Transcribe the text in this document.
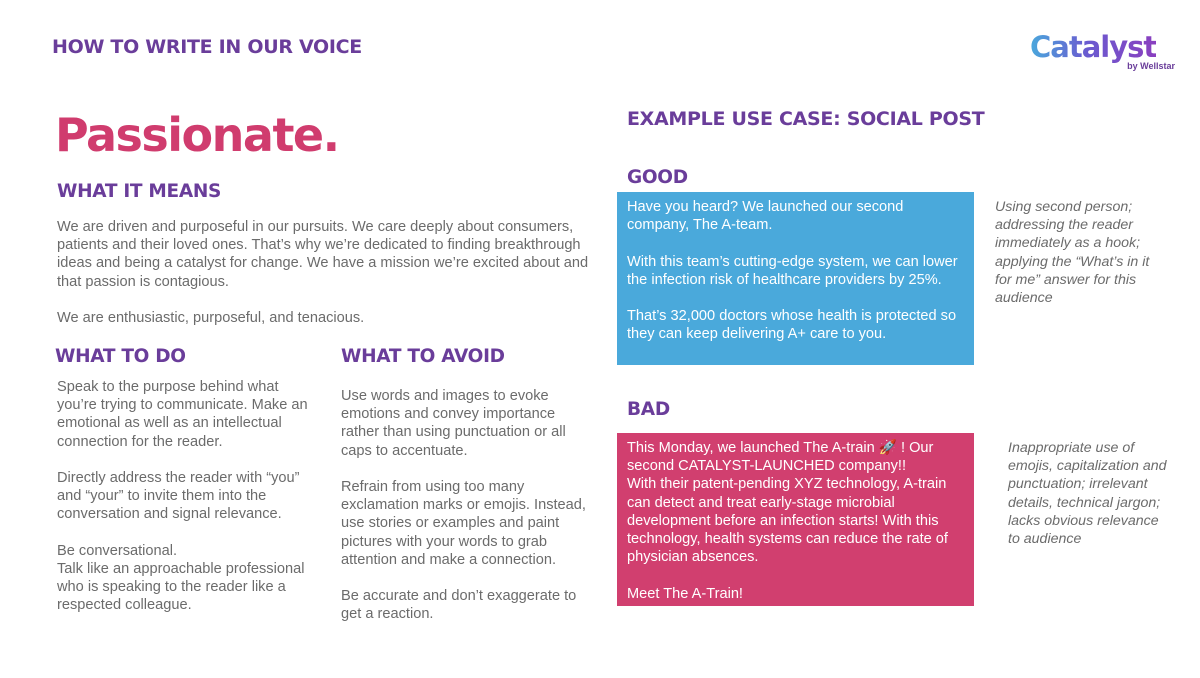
HOW TO WRITE IN OUR VOICE	Catalyst
by Wellstar
Passionate.
WHAT IT MEANS
We are driven and purposeful in our pursuits. We care deeply about consumers, patients and their loved ones. That’s why we’re dedicated to finding breakthrough ideas and being a catalyst for change. We have a mission we’re excited about and that passion is contagious.

We are enthusiastic, purposeful, and tenacious.
WHAT TO DO
Speak to the purpose behind what you’re trying to communicate. Make an emotional as well as an intellectual connection for the reader.

Directly address the reader with “you” and “your” to invite them into the conversation and signal relevance.

Be conversational.
Talk like an approachable professional who is speaking to the reader like a respected colleague.
WHAT TO AVOID
Use words and images to evoke emotions and convey importance rather than using punctuation or all caps to accentuate.

Refrain from using too many exclamation marks or emojis. Instead, use stories or examples and paint pictures with your words to grab attention and make a connection.

Be accurate and don’t exaggerate to get a reaction.
EXAMPLE USE CASE: SOCIAL POST
GOOD
Have you heard? We launched our second company, The A-team.

With this team’s cutting-edge system, we can lower the infection risk of healthcare providers by 25%.

That’s 32,000 doctors whose health is protected so they can keep delivering A+ care to you.
Using second person; addressing the reader immediately as a hook; applying the “What’s in it for me” answer for this audience
BAD
This Monday, we launched The A-train 🚀 ! Our second CATALYST-LAUNCHED company!!
With their patent-pending XYZ technology, A-train can detect and treat early-stage microbial development before an infection starts! With this technology, health systems can reduce the rate of physician absences.

Meet The A-Train!
Inappropriate use of emojis, capitalization and punctuation; irrelevant details, technical jargon; lacks obvious relevance to audience
